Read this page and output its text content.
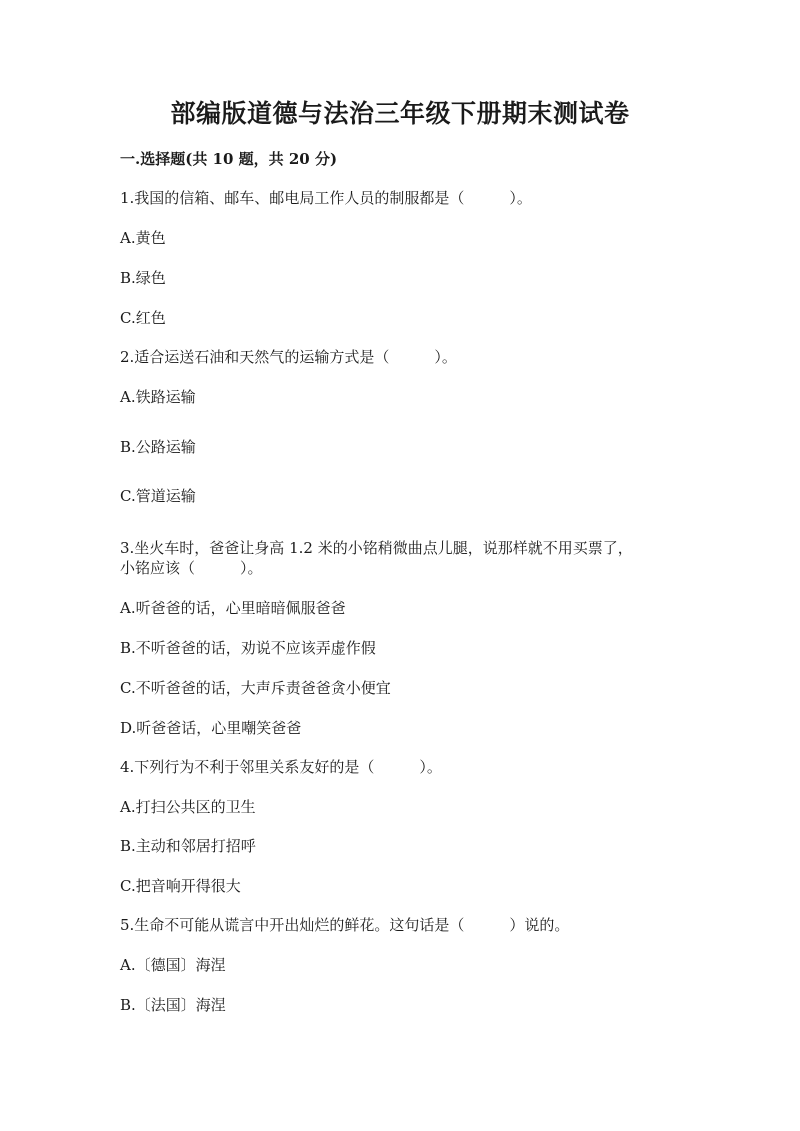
部编版道德与法治三年级下册期末测试卷
一.选择题(共 10 题，共 20 分)
1.我国的信箱、邮车、邮电局工作人员的制服都是（　　　）。
A.黄色
B.绿色
C.红色
2.适合运送石油和天然气的运输方式是（　　　）。
A.铁路运输
B.公路运输
C.管道运输
3.坐火车时，爸爸让身高 1.2 米的小铭稍微曲点儿腿，说那样就不用买票了，
小铭应该（　　　）。
A.听爸爸的话，心里暗暗佩服爸爸
B.不听爸爸的话，劝说不应该弄虚作假
C.不听爸爸的话，大声斥责爸爸贪小便宜
D.听爸爸话，心里嘲笑爸爸
4.下列行为不利于邻里关系友好的是（　　　）。
A.打扫公共区的卫生
B.主动和邻居打招呼
C.把音响开得很大
5.生命不可能从谎言中开出灿烂的鲜花。这句话是（　　　）说的。
A.〔德国〕海涅
B.〔法国〕海涅
